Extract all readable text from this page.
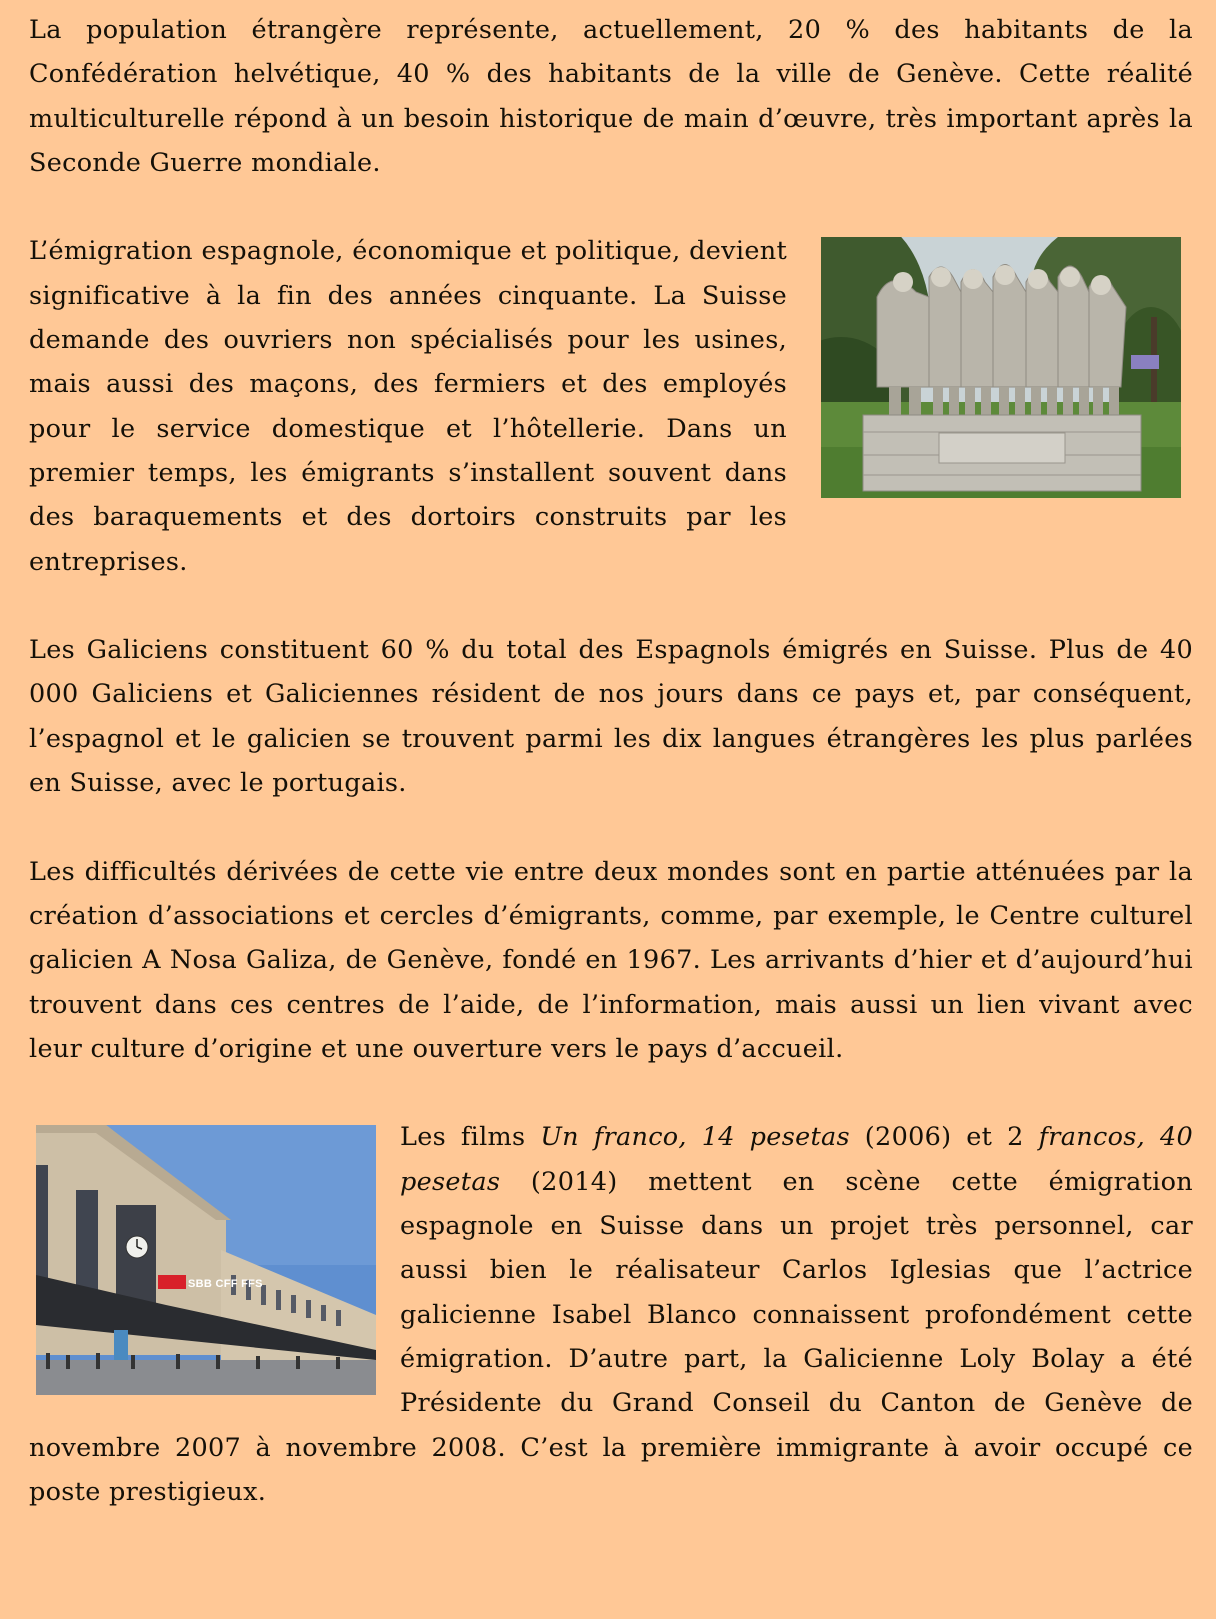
La population étrangère représente, actuellement, 20 % des habitants de la Confédération helvétique, 40 % des habitants de la ville de Genève. Cette réalité multiculturelle répond à un besoin historique de main d’œuvre, très important après la Seconde Guerre mondiale.

L’émigration espagnole, économique et politique, devient significative à la fin des années cinquante. La Suisse demande des ouvriers non spécialisés pour les usines, mais aussi des maçons, des fermiers et des employés pour le service domestique et l’hôtellerie. Dans un premier temps, les émigrants s’installent souvent dans des baraquements et des dortoirs construits par les entreprises.

Les Galiciens constituent 60 % du total des Espagnols émigrés en Suisse. Plus de 40 000 Galiciens et Galiciennes résident de nos jours dans ce pays et, par conséquent, l’espagnol et le galicien se trouvent parmi les dix langues étrangères les plus parlées en Suisse, avec le portugais.

Les difficultés dérivées de cette vie entre deux mondes sont en partie atténuées par la création d’associations et cercles d’émigrants, comme, par exemple, le Centre culturel galicien A Nosa Galiza, de Genève, fondé en 1967. Les arrivants d’hier et d’aujourd’hui trouvent dans ces centres de l’aide, de l’information, mais aussi un lien vivant avec leur culture d’origine et une ouverture vers le pays d’accueil.

SBB CFF FFS

Les films Un franco, 14 pesetas (2006) et 2 francos, 40 pesetas (2014) mettent en scène cette émigration espagnole en Suisse dans un projet très personnel, car aussi bien le réalisateur Carlos Iglesias que l’actrice galicienne Isabel Blanco connaissent profondément cette émigration. D’autre part, la Galicienne Loly Bolay a été Présidente du Grand Conseil du Canton de Genève de novembre 2007 à novembre 2008. C’est la première immigrante à avoir occupé ce poste prestigieux.
